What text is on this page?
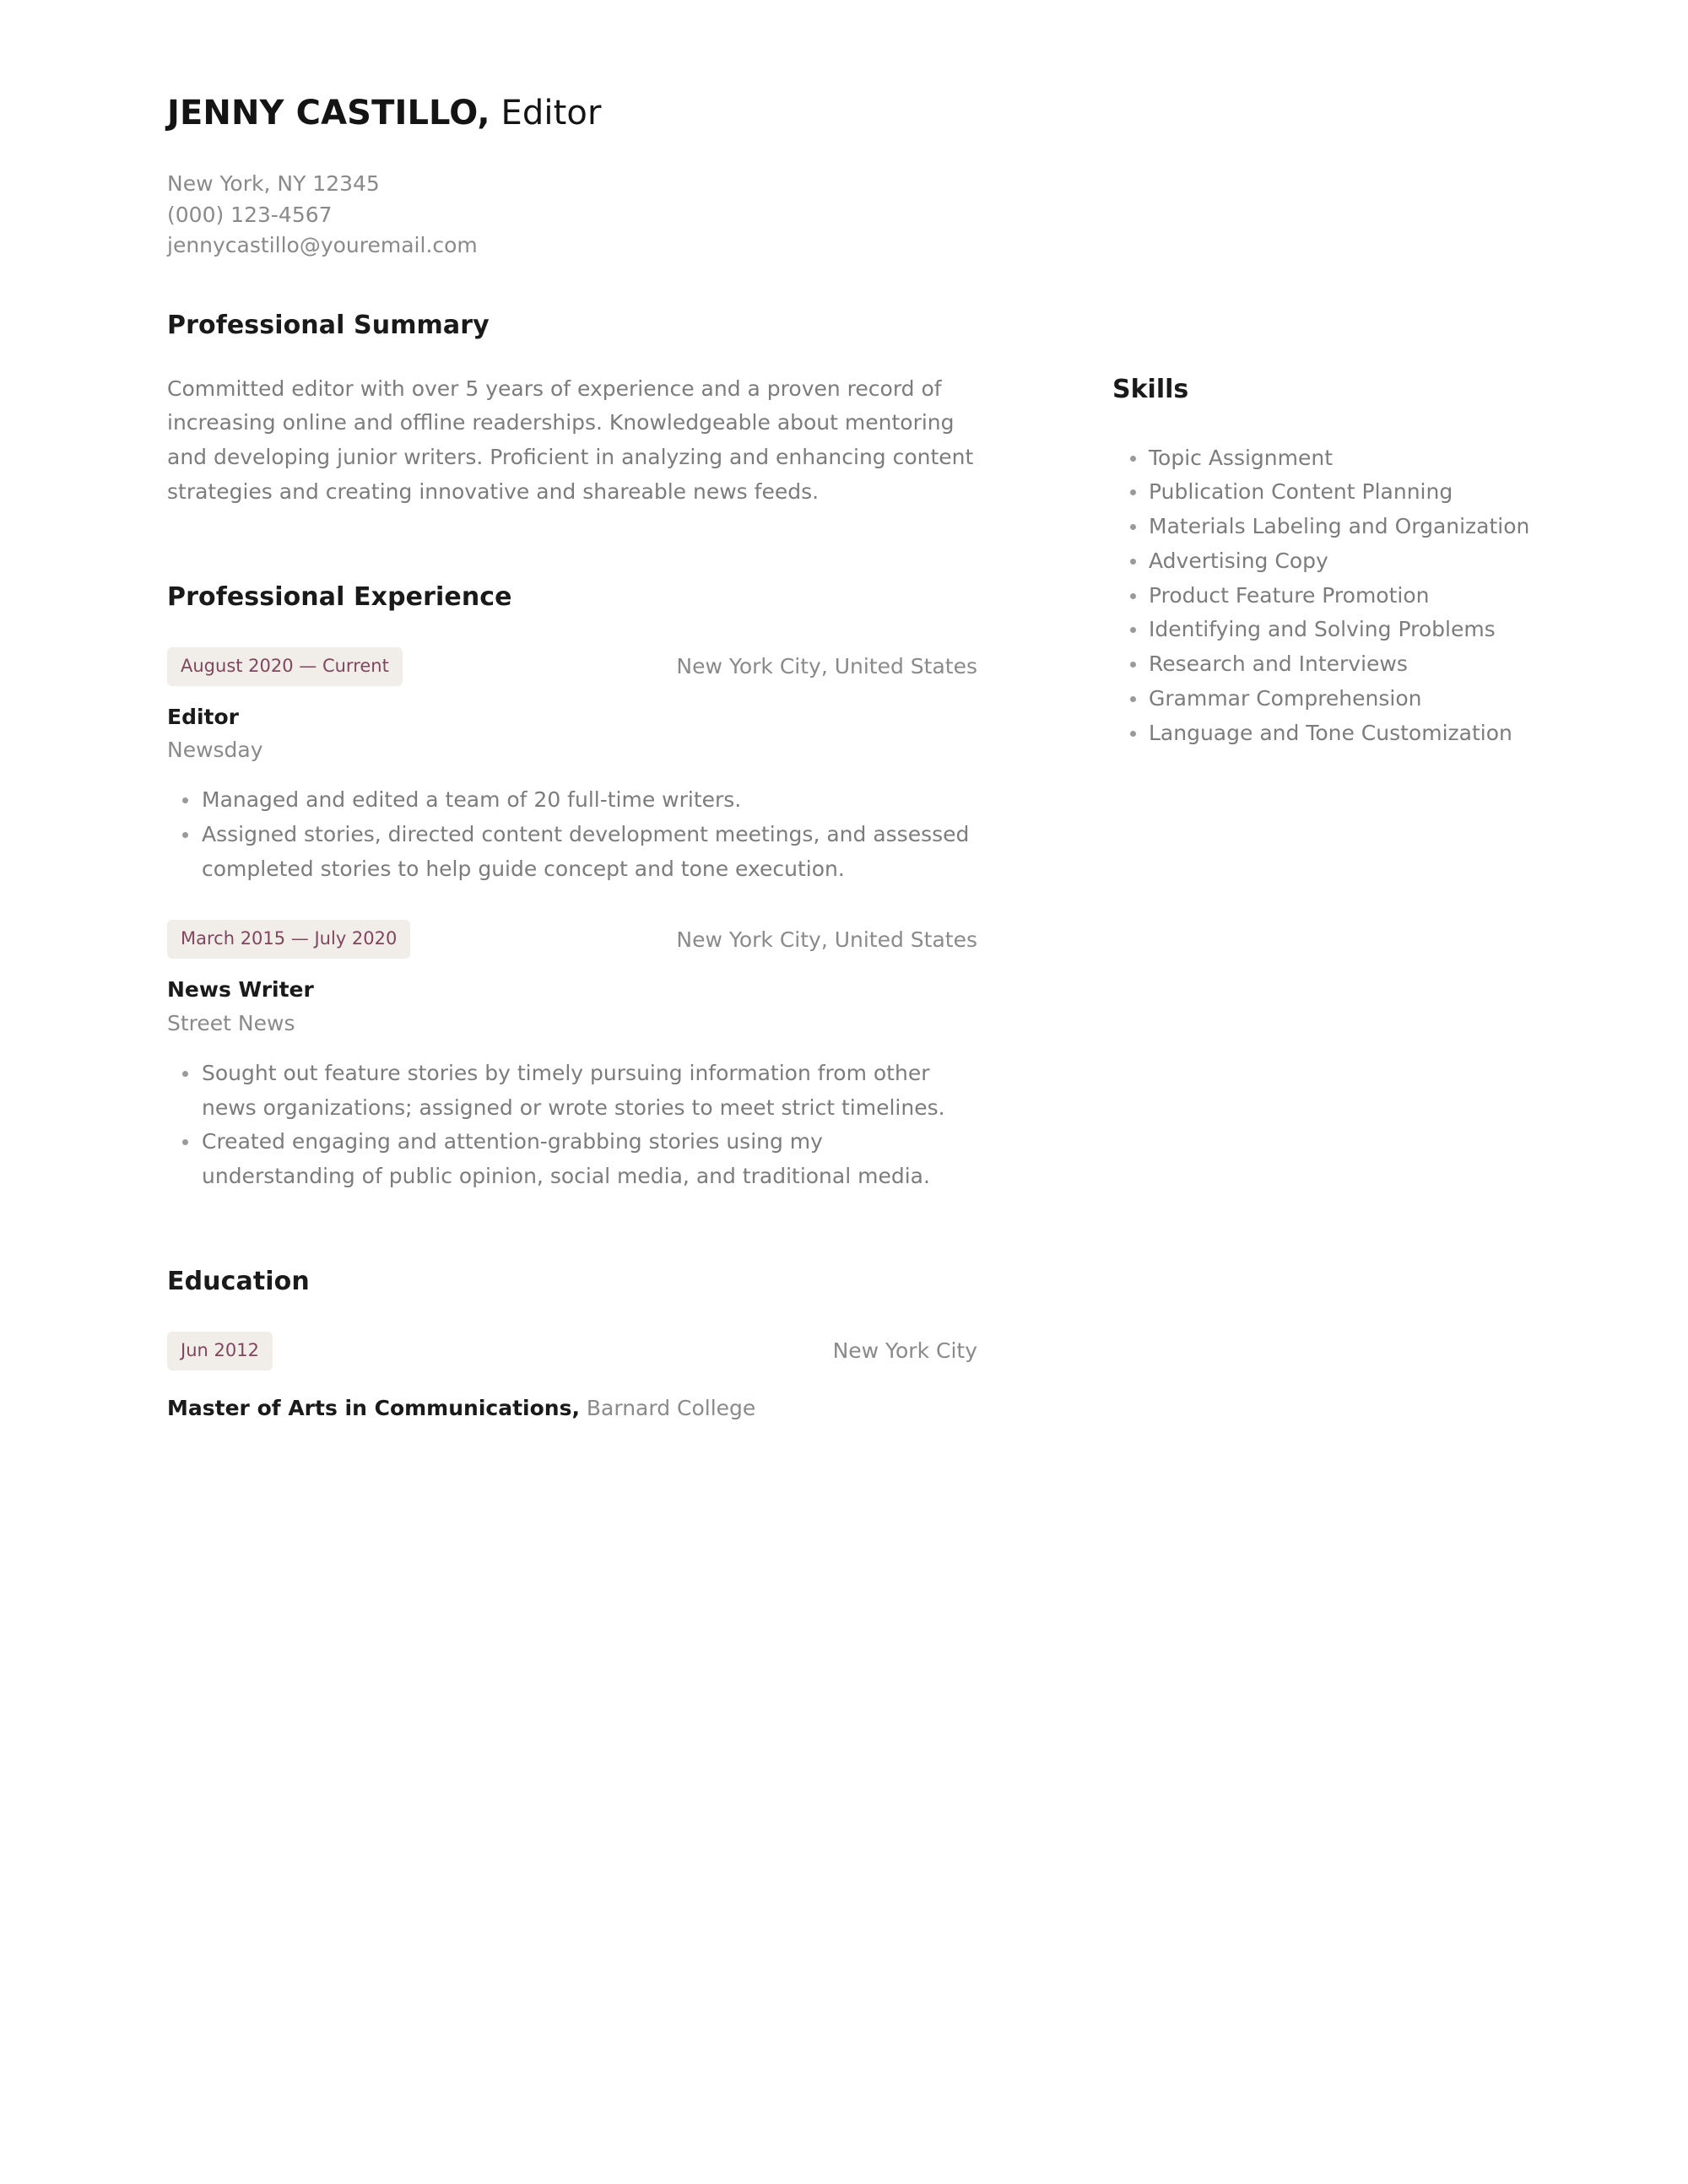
JENNY CASTILLO, Editor
New York, NY 12345
(000) 123-4567
jennycastillo@youremail.com
Professional Summary

Committed editor with over 5 years of experience and a proven record of increasing online and offline readerships. Knowledgeable about mentoring and developing junior writers. Proficient in analyzing and enhancing content strategies and creating innovative and shareable news feeds.

Professional Experience
August 2020 — Current	New York City, United States
Editor
Newsday
Managed and edited a team of 20 full-time writers.
Assigned stories, directed content development meetings, and assessed completed stories to help guide concept and tone execution.
March 2015 — July 2020	New York City, United States
News Writer
Street News
Sought out feature stories by timely pursuing information from other news organizations; assigned or wrote stories to meet strict timelines.
Created engaging and attention-grabbing stories using my understanding of public opinion, social media, and traditional media.
Education
Jun 2012	New York City
Master of Arts in Communications, Barnard College
Skills
Topic Assignment
Publication Content Planning
Materials Labeling and Organization
Advertising Copy
Product Feature Promotion
Identifying and Solving Problems
Research and Interviews
Grammar Comprehension
Language and Tone Customization
